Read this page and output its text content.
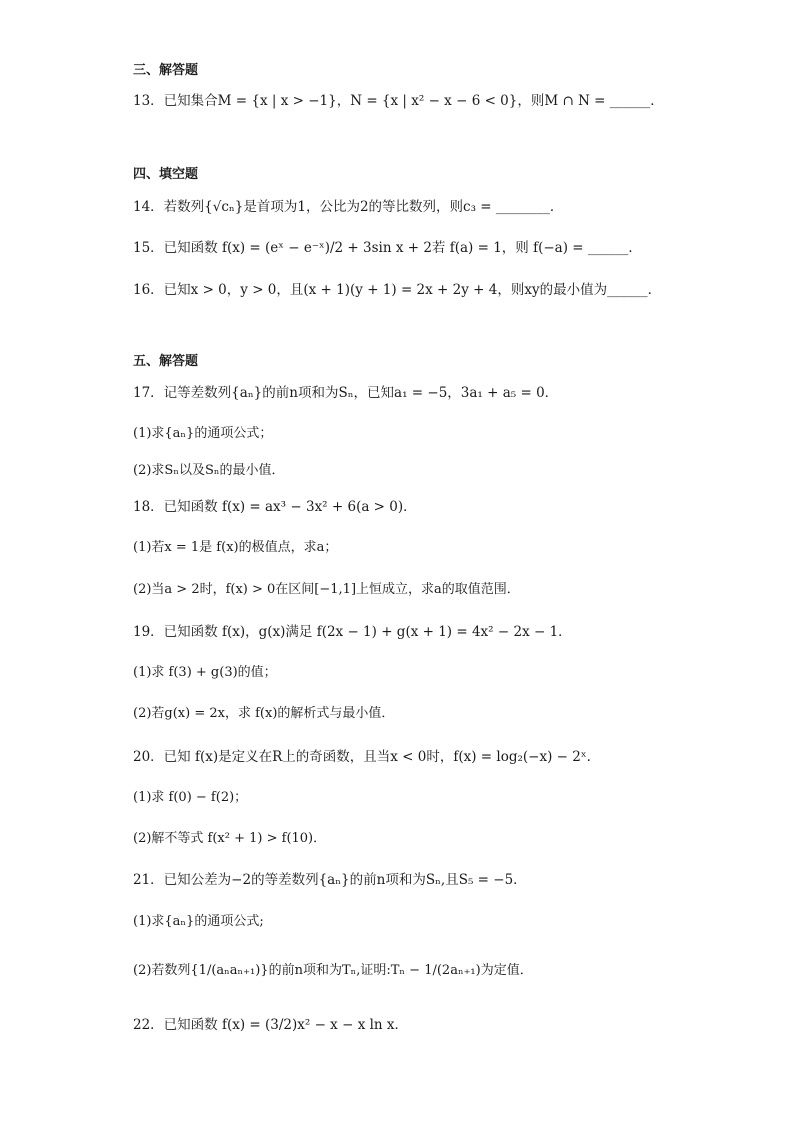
三、解答题
13．已知集合M = {x | x > −1}，N = {x | x² − x − 6 < 0}，则M ∩ N = ______．
四、填空题
14．若数列{√cₙ}是首项为1，公比为2的等比数列，则c₃ = ________．
15．已知函数 f(x) = (eˣ − e⁻ˣ)/2 + 3sin x + 2若 f(a) = 1，则 f(−a) = ______．
16．已知x > 0，y > 0，且(x + 1)(y + 1) = 2x + 2y + 4，则xy的最小值为______．
五、解答题
17．记等差数列{aₙ}的前n项和为Sₙ，已知a₁ = −5，3a₁ + a₅ = 0．
(1)求{aₙ}的通项公式；
(2)求Sₙ以及Sₙ的最小值．
18．已知函数 f(x) = ax³ − 3x² + 6(a > 0)．
(1)若x = 1是 f(x)的极值点，求a；
(2)当a > 2时，f(x) > 0在区间[−1,1]上恒成立，求a的取值范围．
19．已知函数 f(x)，g(x)满足 f(2x − 1) + g(x + 1) = 4x² − 2x − 1．
(1)求 f(3) + g(3)的值；
(2)若g(x) = 2x，求 f(x)的解析式与最小值．
20．已知 f(x)是定义在R上的奇函数，且当x < 0时，f(x) = log₂(−x) − 2ˣ．
(1)求 f(0) − f(2)；
(2)解不等式 f(x² + 1) > f(10)．
21．已知公差为−2的等差数列{aₙ}的前n项和为Sₙ,且S₅ = −5．
(1)求{aₙ}的通项公式;
(2)若数列{1/(aₙaₙ₊₁)}的前n项和为Tₙ,证明:Tₙ − 1/(2aₙ₊₁)为定值．
22．已知函数 f(x) = (3/2)x² − x − x ln x．
